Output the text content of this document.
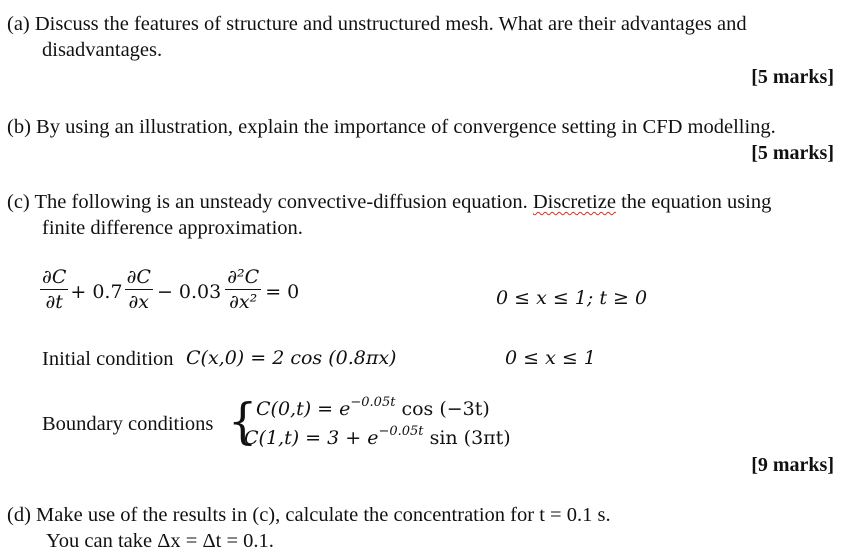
(a) Discuss the features of structure and unstructured mesh. What are their advantages and
disadvantages.
[5 marks]
(b) By using an illustration, explain the importance of convergence setting in CFD modelling.
[5 marks]
(c) The following is an unsteady convective-diffusion equation. Discretize the equation using
finite difference approximation.
$\frac{\partial C}{\partial t} + 0.7 \frac{\partial C}{\partial x} - 0.03 \frac{\text{∂²C}}{\text{∂x²}} = 0$	0 ≤ x ≤ 1; t ≥ 0
Initial condition C(x,0) = 2 cos (0.8πx)	0 ≤ x ≤ 1
Boundary conditions {
$C(0,t) = e^{-0.05t}$ cos (−3t)
$C(1,t) = 3 + e^{-0.05t}$ sin (3πt)
[9 marks]
(d) Make use of the results in (c), calculate the concentration for t = 0.1 s.
You can take Δx = Δt = 0.1.
